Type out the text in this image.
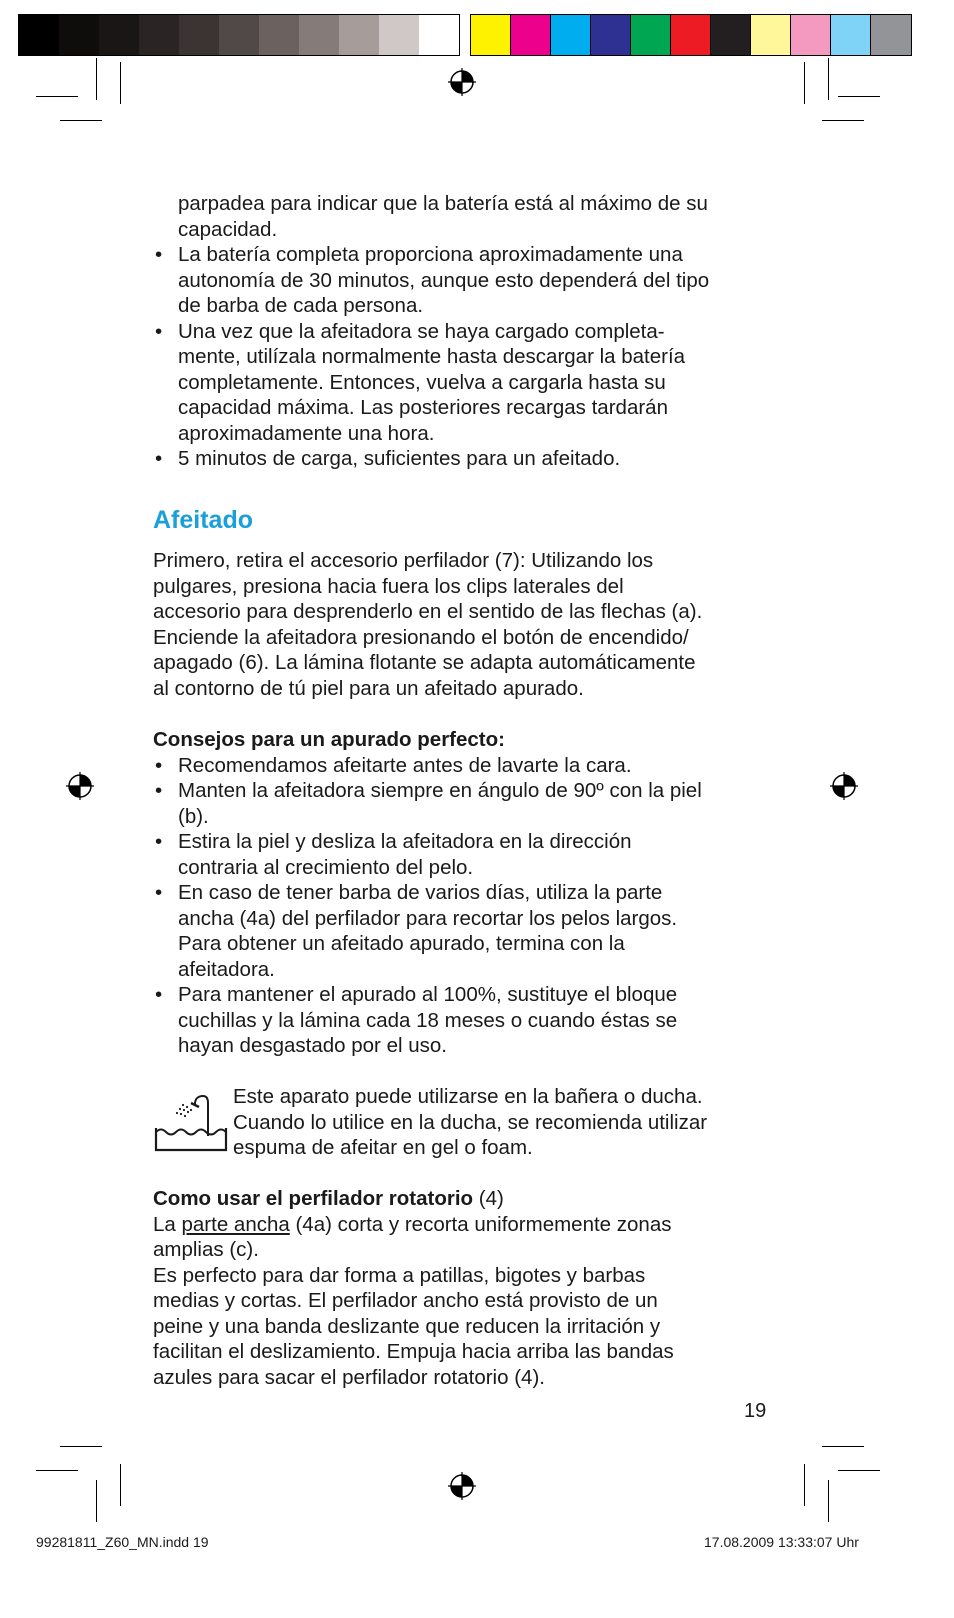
parpadea para indicar que la batería está al máximo de su
capacidad.
• La batería completa proporciona aproximadamente una
autonomía de 30 minutos, aunque esto dependerá del tipo
de barba de cada persona.
• Una vez que la afeitadora se haya cargado completa-
mente, utilízala normalmente hasta descargar la batería
completamente. Entonces, vuelva a cargarla hasta su
capacidad máxima. Las posteriores recargas tardarán
aproximadamente una hora.
• 5 minutos de carga, suficientes para un afeitado.
Afeitado
Primero, retira el accesorio perfilador (7): Utilizando los
pulgares, presiona hacia fuera los clips laterales del
accesorio para desprenderlo en el sentido de las flechas (a).
Enciende la afeitadora presionando el botón de encendido/
apagado (6). La lámina flotante se adapta automáticamente
al contorno de tú piel para un afeitado apurado.
Consejos para un apurado perfecto:
• Recomendamos afeitarte antes de lavarte la cara.
• Manten la afeitadora siempre en ángulo de 90º con la piel
(b).
• Estira la piel y desliza la afeitadora en la dirección
contraria al crecimiento del pelo.
• En caso de tener barba de varios días, utiliza la parte
ancha (4a) del perfilador para recortar los pelos largos.
Para obtener un afeitado apurado, termina con la
afeitadora.
• Para mantener el apurado al 100%, sustituye el bloque
cuchillas y la lámina cada 18 meses o cuando éstas se
hayan desgastado por el uso.
Este aparato puede utilizarse en la bañera o ducha.
Cuando lo utilice en la ducha, se recomienda utilizar
espuma de afeitar en gel o foam.
Como usar el perfilador rotatorio (4)
La parte ancha (4a) corta y recorta uniformemente zonas
amplias (c).
Es perfecto para dar forma a patillas, bigotes y barbas
medias y cortas. El perfilador ancho está provisto de un
peine y una banda deslizante que reducen la irritación y
facilitan el deslizamiento. Empuja hacia arriba las bandas
azules para sacar el perfilador rotatorio (4).
19
99281811_Z60_MN.indd 19	17.08.2009 13:33:07 Uhr
